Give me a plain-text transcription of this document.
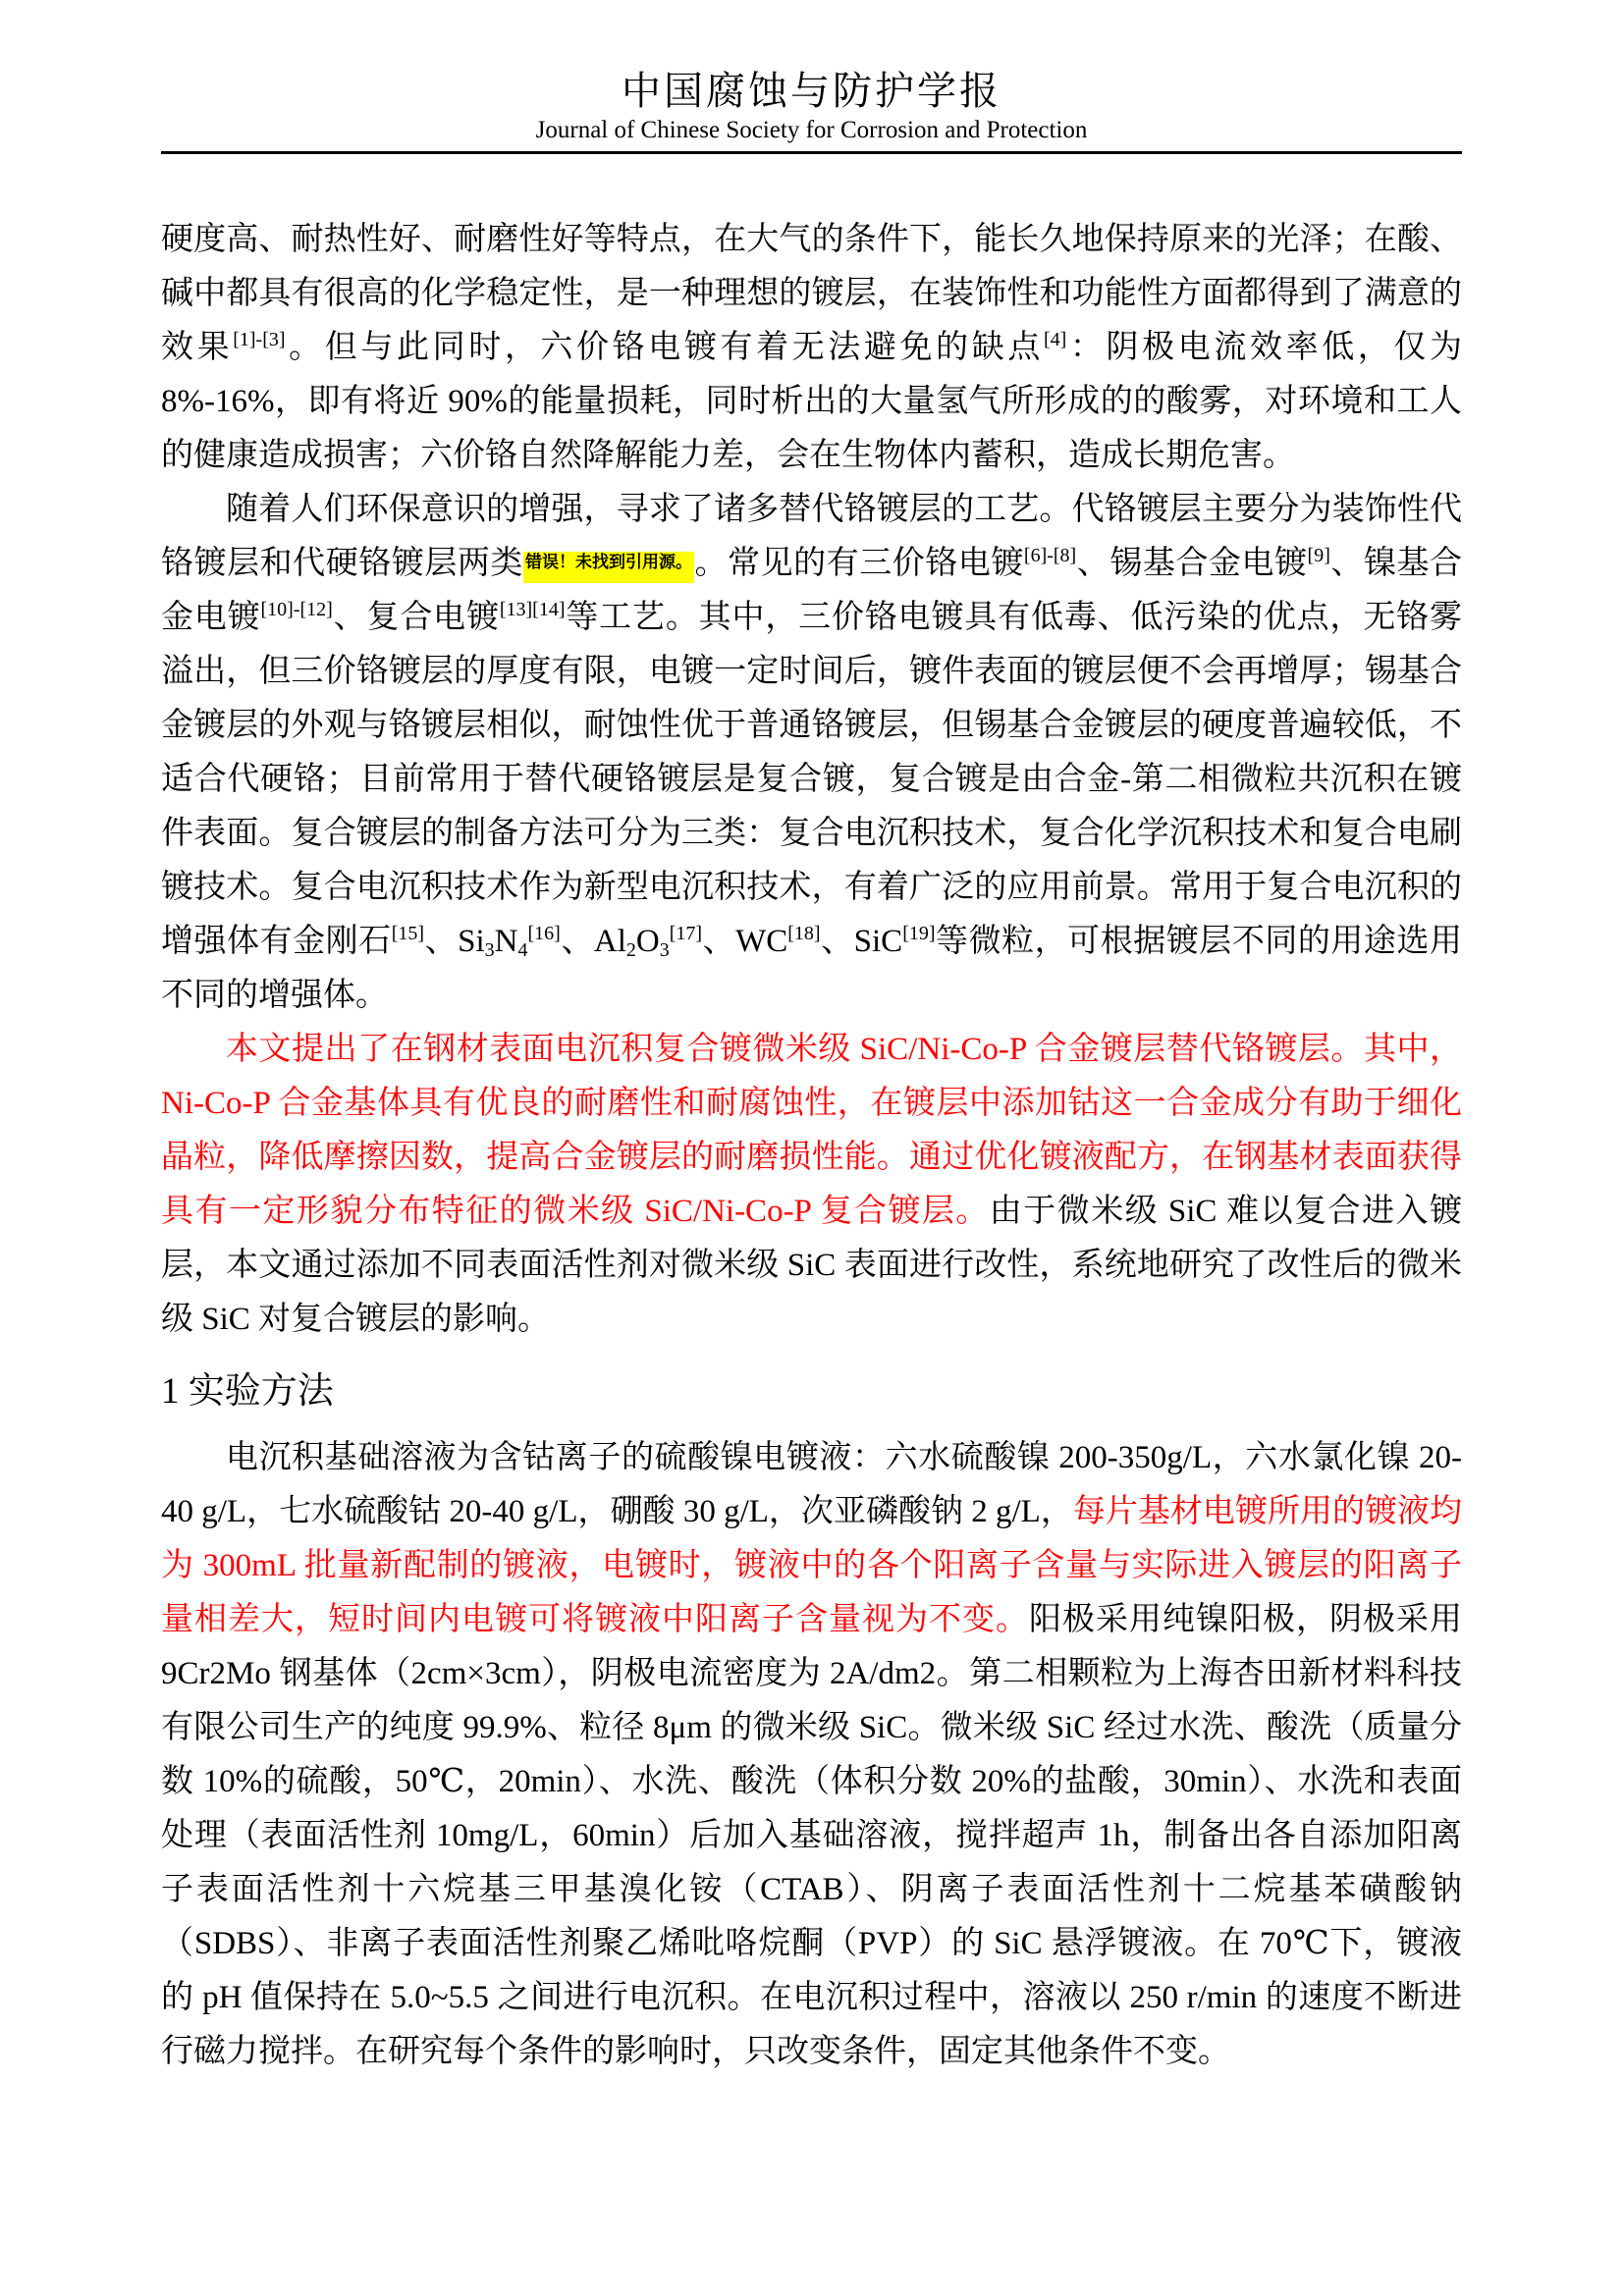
中国腐蚀与防护学报
Journal of Chinese Society for Corrosion and Protection

硬度高、耐热性好、耐磨性好等特点，在大气的条件下，能长久地保持原来的光泽；在酸、碱中都具有很高的化学稳定性，是一种理想的镀层，在装饰性和功能性方面都得到了满意的效果[1]-[3]。但与此同时，六价铬电镀有着无法避免的缺点[4]：阴极电流效率低，仅为 8%-16%，即有将近 90%的能量损耗，同时析出的大量氢气所形成的的酸雾，对环境和工人的健康造成损害；六价铬自然降解能力差，会在生物体内蓄积，造成长期危害。

随着人们环保意识的增强，寻求了诸多替代铬镀层的工艺。代铬镀层主要分为装饰性代铬镀层和代硬铬镀层两类 错误！未找到引用源。。常见的有三价铬电镀[6]-[8]、锡基合金电镀[9]、镍基合金电镀[10]-[12]、复合电镀[13][14]等工艺。其中，三价铬电镀具有低毒、低污染的优点，无铬雾溢出，但三价铬镀层的厚度有限，电镀一定时间后，镀件表面的镀层便不会再增厚；锡基合金镀层的外观与铬镀层相似，耐蚀性优于普通铬镀层，但锡基合金镀层的硬度普遍较低，不适合代硬铬；目前常用于替代硬铬镀层是复合镀，复合镀是由合金-第二相微粒共沉积在镀件表面。复合镀层的制备方法可分为三类：复合电沉积技术，复合化学沉积技术和复合电刷镀技术。复合电沉积技术作为新型电沉积技术，有着广泛的应用前景。常用于复合电沉积的增强体有金刚石[15]、Si3N4[16]、Al2O3[17]、WC[18]、SiC[19]等微粒，可根据镀层不同的用途选用不同的增强体。

本文提出了在钢材表面电沉积复合镀微米级 SiC/Ni-Co-P 合金镀层替代铬镀层。其中，Ni-Co-P 合金基体具有优良的耐磨性和耐腐蚀性，在镀层中添加钴这一合金成分有助于细化晶粒，降低摩擦因数，提高合金镀层的耐磨损性能。通过优化镀液配方，在钢基材表面获得具有一定形貌分布特征的微米级 SiC/Ni-Co-P 复合镀层。由于微米级 SiC 难以复合进入镀层，本文通过添加不同表面活性剂对微米级 SiC 表面进行改性，系统地研究了改性后的微米级 SiC 对复合镀层的影响。

1 实验方法

电沉积基础溶液为含钴离子的硫酸镍电镀液：六水硫酸镍 200-350g/L，六水氯化镍 20-40 g/L，七水硫酸钴 20-40 g/L，硼酸 30 g/L，次亚磷酸钠 2 g/L，每片基材电镀所用的镀液均为 300mL 批量新配制的镀液，电镀时，镀液中的各个阳离子含量与实际进入镀层的阳离子量相差大，短时间内电镀可将镀液中阳离子含量视为不变。阳极采用纯镍阳极，阴极采用 9Cr2Mo 钢基体（2cm×3cm），阴极电流密度为 2A/dm2。第二相颗粒为上海杏田新材料科技有限公司生产的纯度 99.9%、粒径 8μm 的微米级 SiC。微米级 SiC 经过水洗、酸洗（质量分数 10%的硫酸，50℃，20min）、水洗、酸洗（体积分数 20%的盐酸，30min）、水洗和表面处理（表面活性剂 10mg/L，60min）后加入基础溶液，搅拌超声 1h，制备出各自添加阳离子表面活性剂十六烷基三甲基溴化铵（CTAB）、阴离子表面活性剂十二烷基苯磺酸钠（SDBS）、非离子表面活性剂聚乙烯吡咯烷酮（PVP）的 SiC 悬浮镀液。在 70℃下，镀液的 pH 值保持在 5.0~5.5 之间进行电沉积。在电沉积过程中，溶液以 250 r/min 的速度不断进行磁力搅拌。在研究每个条件的影响时，只改变条件，固定其他条件不变。
